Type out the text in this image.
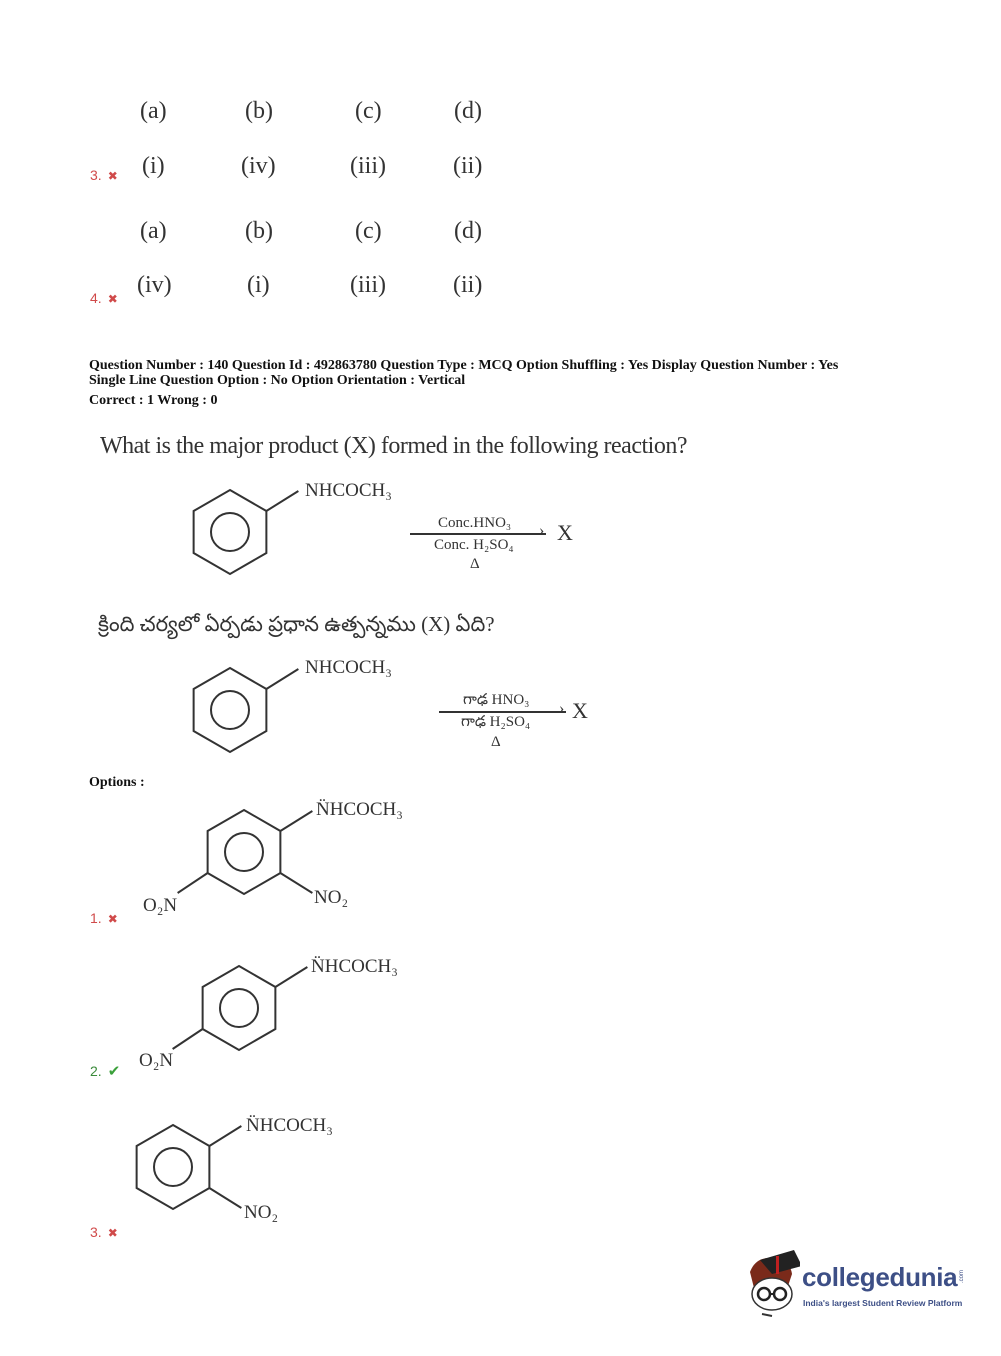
(a)	(b)	(c)	(d)
3. ✖ (i)	(iv)	(iii)	(ii)
(a)	(b)	(c)	(d)
4. ✖
(iv)	(i)	(iii)	(ii)
Question Number : 140 Question Id : 492863780 Question Type : MCQ Option Shuffling : Yes Display Question Number : Yes
Single Line Question Option : No Option Orientation : Vertical
Correct : 1 Wrong : 0
What is the major product (X) formed in the following reaction?
NHCOCH₃
Conc.HNO₃ › X
Conc. H₂SO₄
Δ
క్రింది చర్యలో ఏర్పడు ప్రధాన ఉత్పన్నము (X) ఏది?
NHCOCH₃
గాఢ HNO₃ › X
గాఢ H₂SO₄
Δ
Options :
N̈HCOCH₃
NO₂
O₂N
1. ✖
N̈HCOCH₃
O₂N
2. ✔
N̈HCOCH₃
NO₂
3. ✖
collegedunia .com
India's largest Student Review Platform
